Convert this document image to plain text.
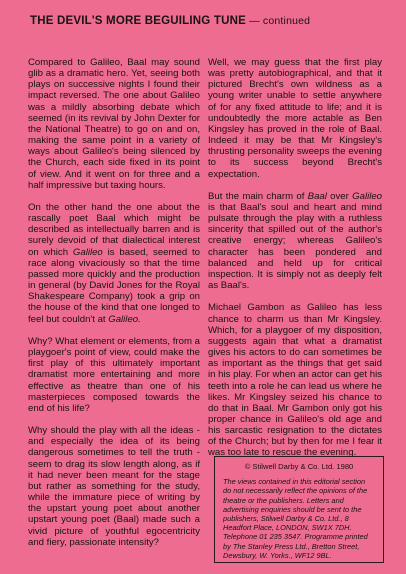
THE DEVIL'S MORE BEGUILING TUNE — continued

Compared to Galileo, Baal may sound glib as a dramatic hero. Yet, seeing both plays on successive nights I found their impact reversed. The one about Galileo was a mildly absorbing debate which seemed (in its revival by John Dexter for the National Theatre) to go on and on, making the same point in a variety of ways about Galileo's being silenced by the Church, each side fixed in its point of view. And it went on for three and a half impressive but taxing hours.

On the other hand the one about the rascally poet Baal which might be described as intellectually barren and is surely devoid of that dialectical interest on which Galileo is based, seemed to race along vivaciously so that the time passed more quickly and the production in general (by David Jones for the Royal Shakespeare Company) took a grip on the house of the kind that one longed to feel but couldn't at Galileo.

Why? What element or elements, from a playgoer's point of view, could make the first play of this ultimately important dramatist more entertaining and more effective as theatre than one of his masterpieces composed towards the end of his life?

Why should the play with all the ideas - and especially the idea of its being dangerous sometimes to tell the truth - seem to drag its slow length along, as if it had never been meant for the stage but rather as something for the study, while the immature piece of writing by the upstart young poet about another upstart young poet (Baal) made such a vivid picture of youthful egocentricity and fiery, passionate intensity?

Well, we may guess that the first play was pretty autobiographical, and that it pictured Brecht's own wildness as a young writer unable to settle anywhere of for any fixed attitude to life; and it is undoubtedly the more actable as Ben Kingsley has proved in the role of Baal. Indeed it may be that Mr Kingsley's thrusting personality sweeps the evening to its success beyond Brecht's expectation.

But the main charm of Baal over Galileo is that Baal's soul and heart and mind pulsate through the play with a ruthless sincerity that spilled out of the author's creative energy; whereas Galileo's character has been pondered and balanced and held up for critical inspection. It is simply not as deeply felt as Baal's.

Michael Gambon as Galileo has less chance to charm us than Mr Kingsley. Which, for a playgoer of my disposition, suggests again that what a dramatist gives his actors to do can sometimes be as important as the things that get said in his play. For when an actor can get his teeth into a role he can lead us where he likes. Mr Kingsley seized his chance to do that in Baal. Mr Gambon only got his proper chance in Galileo's old age and his sarcastic resignation to the dictates of the Church; but by then for me I fear it was too late to rescue the evening.

© Stilwell Darby & Co. Ltd. 1980
The views contained in this editorial section do not necessarily reflect the opinions of the theatre or the publishers. Letters and advertising enquiries should be sent to the publishers, Stilwell Darby & Co. Ltd., 8 Headfort Place, LONDON, SW1X 7DH. Telephone 01 235 3547. Programme printed by The Stanley Press Ltd., Bretton Street, Dewsbury, W. Yorks., WF12 9BL.
